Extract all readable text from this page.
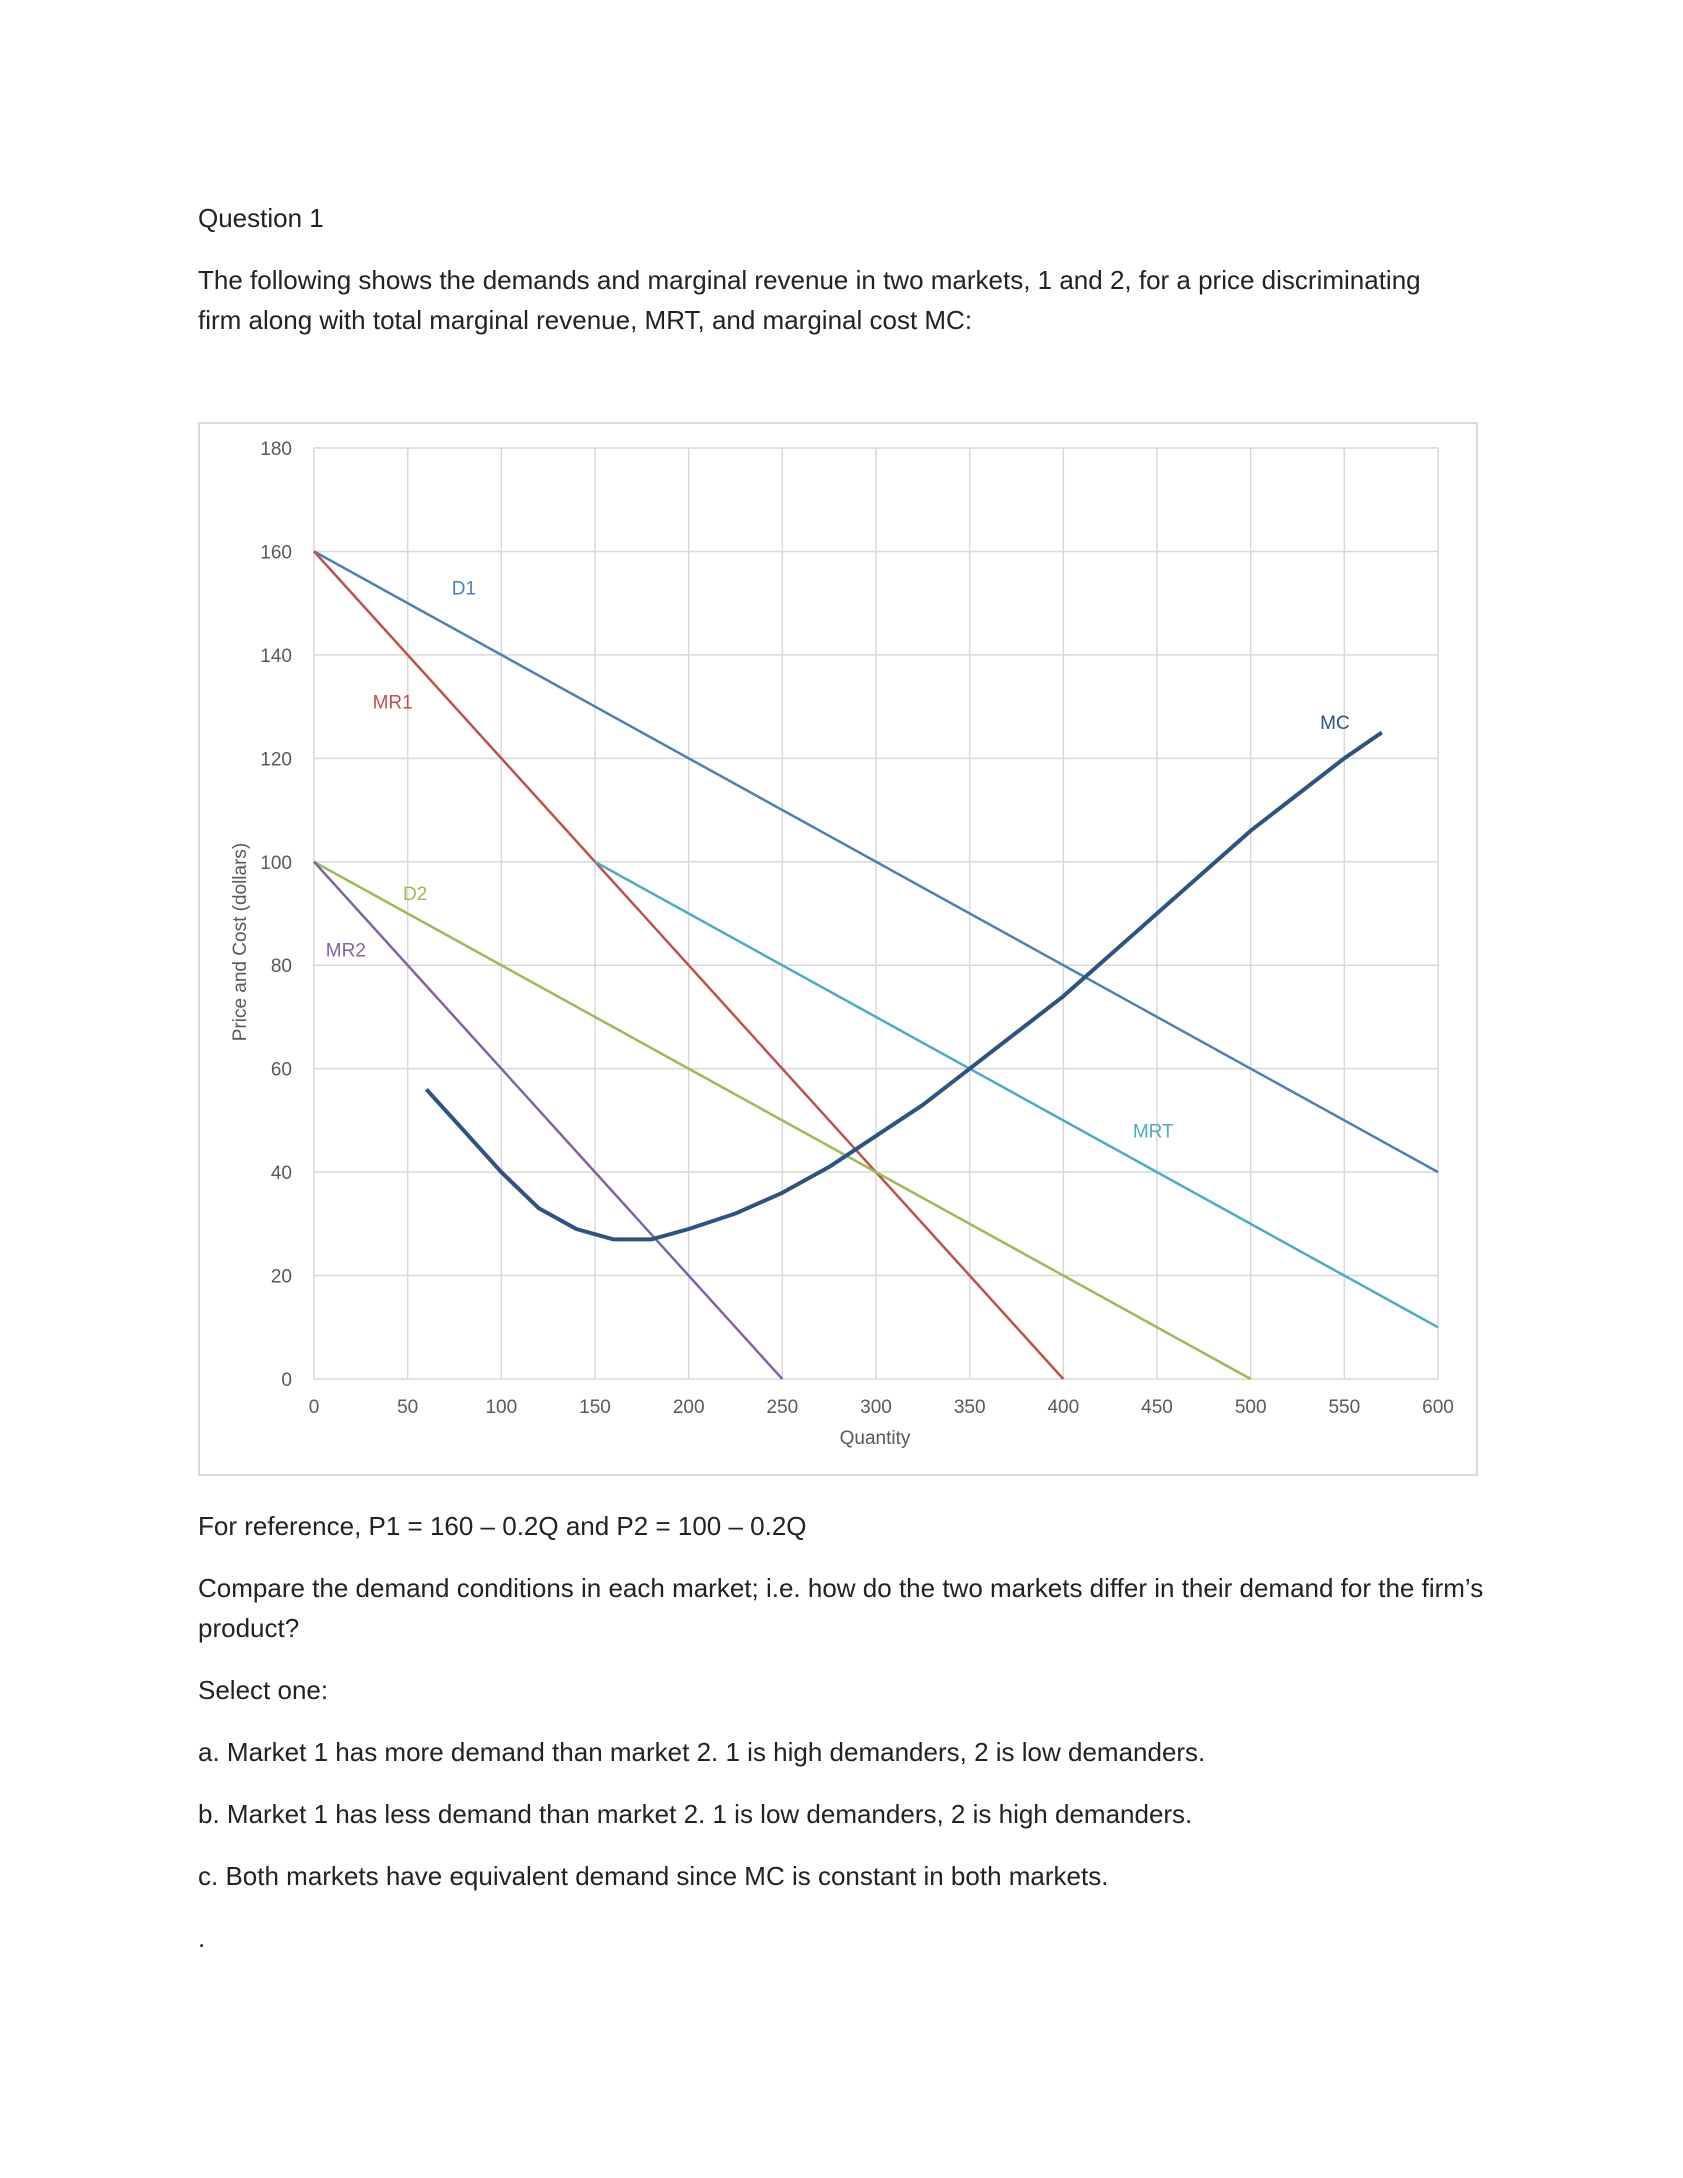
Question 1

The following shows the demands and marginal revenue in two markets, 1 and 2, for a price discriminating firm along with total marginal revenue, MRT, and marginal cost MC:

0	50	100	150	200	250	300	350	400	450	500	550	600
0
20
40
60
80
100
120
140
160
180
D1
MR1
D2
MR2
MRT
MC
Quantity
Price and Cost (dollars)

For reference, P1 = 160 – 0.2Q and P2 = 100 – 0.2Q

Compare the demand conditions in each market; i.e. how do the two markets differ in their demand for the firm’s product?

Select one:

a. Market 1 has more demand than market 2. 1 is high demanders, 2 is low demanders.

b. Market 1 has less demand than market 2. 1 is low demanders, 2 is high demanders.

c. Both markets have equivalent demand since MC is constant in both markets.

.
